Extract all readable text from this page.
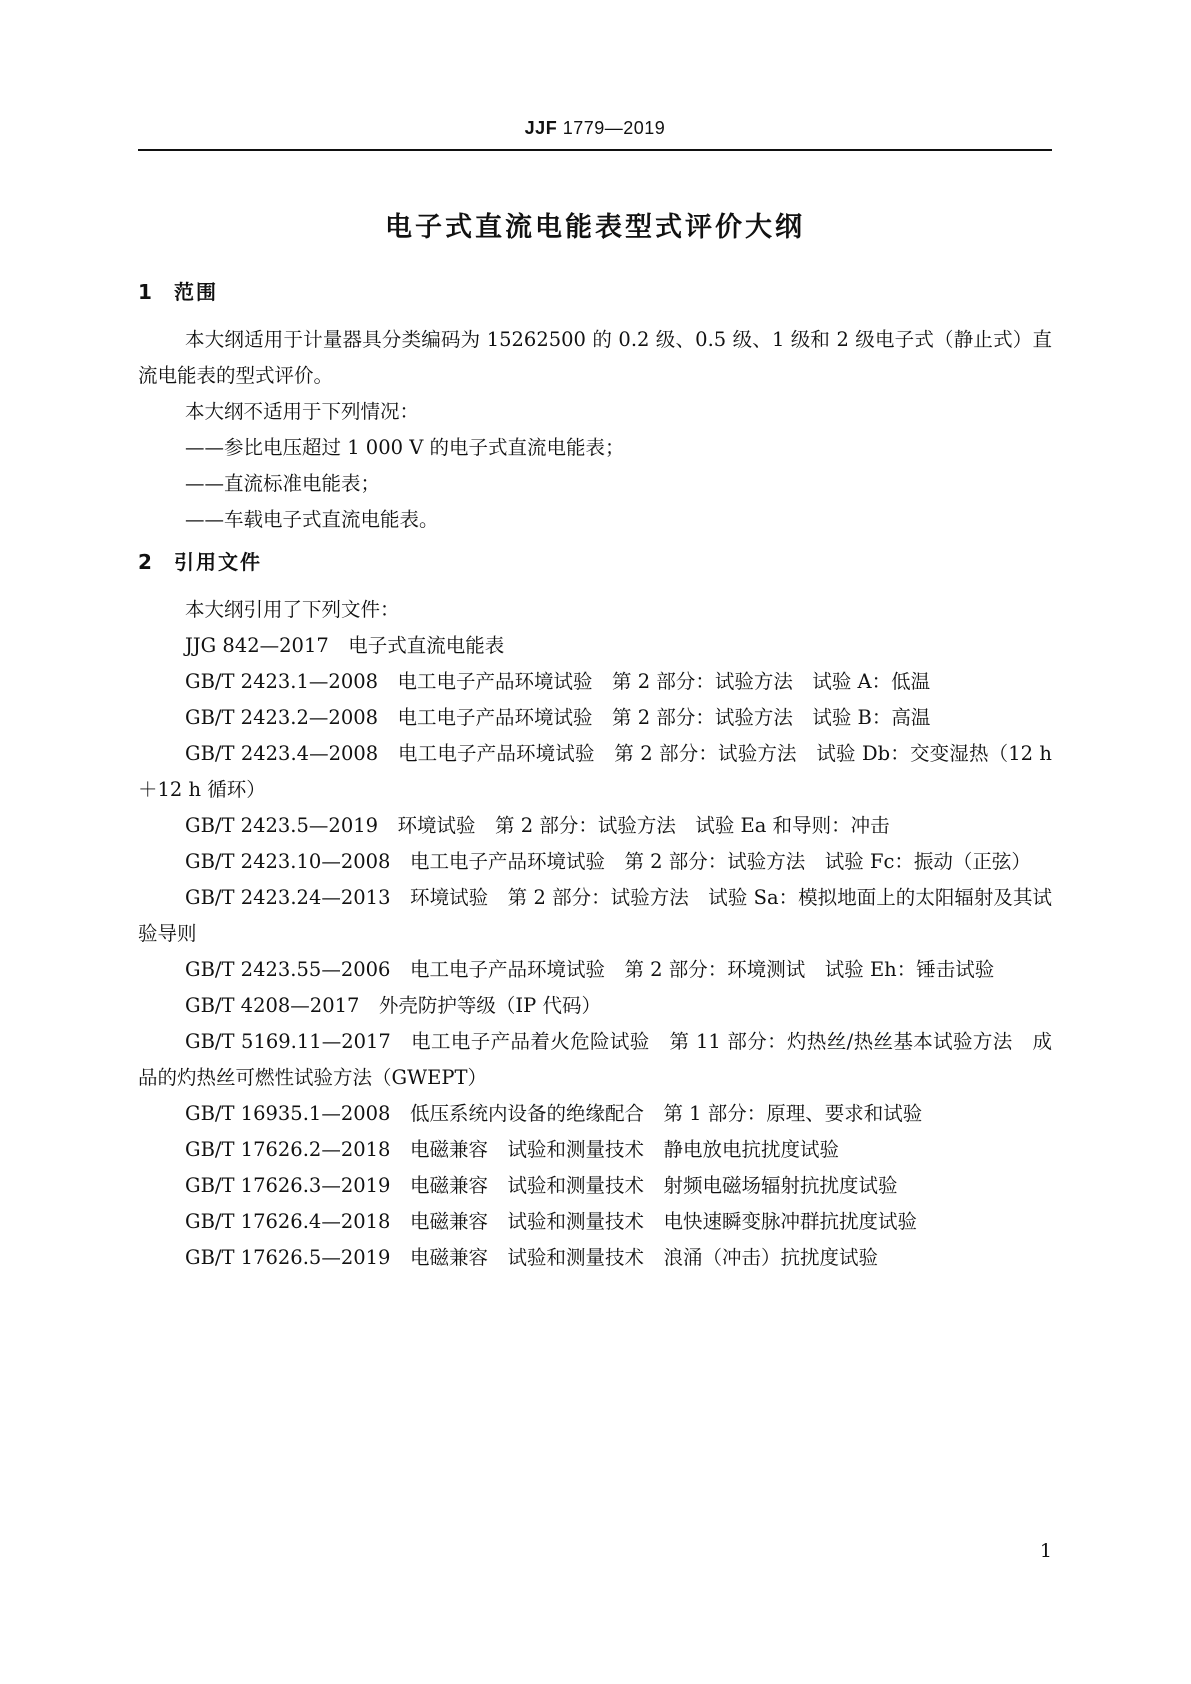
JJF 1779—2019
电子式直流电能表型式评价大纲
1 范围

本大纲适用于计量器具分类编码为 15262500 的 0.2 级、0.5 级、1 级和 2 级电子式（静止式）直流电能表的型式评价。

本大纲不适用于下列情况：

——参比电压超过 1 000 V 的电子式直流电能表；

——直流标准电能表；

——车载电子式直流电能表。

2 引用文件

本大纲引用了下列文件：

JJG 842—2017　电子式直流电能表

GB/T 2423.1—2008　电工电子产品环境试验　第 2 部分：试验方法　试验 A：低温

GB/T 2423.2—2008　电工电子产品环境试验　第 2 部分：试验方法　试验 B：高温

GB/T 2423.4—2008　电工电子产品环境试验　第 2 部分：试验方法　试验 Db：交变湿热（12 h＋12 h 循环）

GB/T 2423.5—2019　环境试验　第 2 部分：试验方法　试验 Ea 和导则：冲击

GB/T 2423.10—2008　电工电子产品环境试验　第 2 部分：试验方法　试验 Fc：振动（正弦）

GB/T 2423.24—2013　环境试验　第 2 部分：试验方法　试验 Sa：模拟地面上的太阳辐射及其试验导则

GB/T 2423.55—2006　电工电子产品环境试验　第 2 部分：环境测试　试验 Eh：锤击试验

GB/T 4208—2017　外壳防护等级（IP 代码）

GB/T 5169.11—2017　电工电子产品着火危险试验　第 11 部分：灼热丝/热丝基本试验方法　成品的灼热丝可燃性试验方法（GWEPT）

GB/T 16935.1—2008　低压系统内设备的绝缘配合　第 1 部分：原理、要求和试验

GB/T 17626.2—2018　电磁兼容　试验和测量技术　静电放电抗扰度试验

GB/T 17626.3—2019　电磁兼容　试验和测量技术　射频电磁场辐射抗扰度试验

GB/T 17626.4—2018　电磁兼容　试验和测量技术　电快速瞬变脉冲群抗扰度试验

GB/T 17626.5—2019　电磁兼容　试验和测量技术　浪涌（冲击）抗扰度试验

1
